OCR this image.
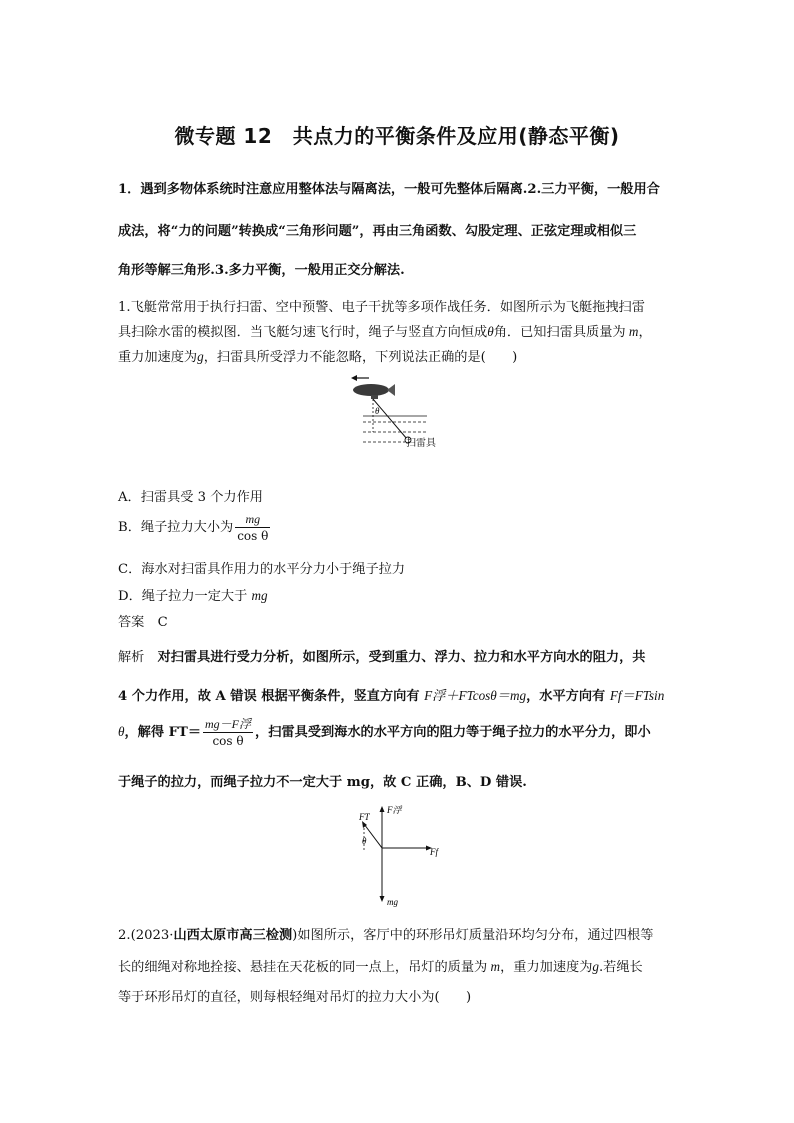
微专题 12　共点力的平衡条件及应用(静态平衡)
1．遇到多物体系统时注意应用整体法与隔离法，一般可先整体后隔离.2.三力平衡，一般用合
成法，将“力的问题”转换成“三角形问题”，再由三角函数、勾股定理、正弦定理或相似三
角形等解三角形.3.多力平衡，一般用正交分解法.
1.飞艇常常用于执行扫雷、空中预警、电子干扰等多项作战任务．如图所示为飞艇拖拽扫雷
具扫除水雷的模拟图．当飞艇匀速飞行时，绳子与竖直方向恒成θ角．已知扫雷具质量为 m，
重力加速度为g，扫雷具所受浮力不能忽略，下列说法正确的是(　　)
θ
扫雷具
A．扫雷具受 3 个力作用
B．绳子拉力大小为 $\frac{mg}{\text{cos θ}}$
C．海水对扫雷具作用力的水平分力小于绳子拉力
D．绳子拉力一定大于 mg
答案　 C
解析　 对扫雷具进行受力分析，如图所示，受到重力、浮力、拉力和水平方向水的阻力，共
4 个力作用，故 A 错误 根据平衡条件，竖直方向有 F浮＋FTcosθ＝mg，水平方向有 Ff＝FTsin
θ，解得 $FT= \frac{\text{mg－F浮}}{\text{cos θ}}$ ，扫雷具受到海水的水平方向的阻力等于绳子拉力的水平分力，即小
于绳子的拉力，而绳子拉力不一定大于 mg，故 C 正确，B、D 错误.
FT
F浮
Ff
θ
mg
2.(2023·山西太原市高三检测)如图所示，客厅中的环形吊灯质量沿环均匀分布，通过四根等
长的细绳对称地拴接、悬挂在天花板的同一点上，吊灯的质量为 m，重力加速度为g.若绳长
等于环形吊灯的直径，则每根轻绳对吊灯的拉力大小为(　　)
